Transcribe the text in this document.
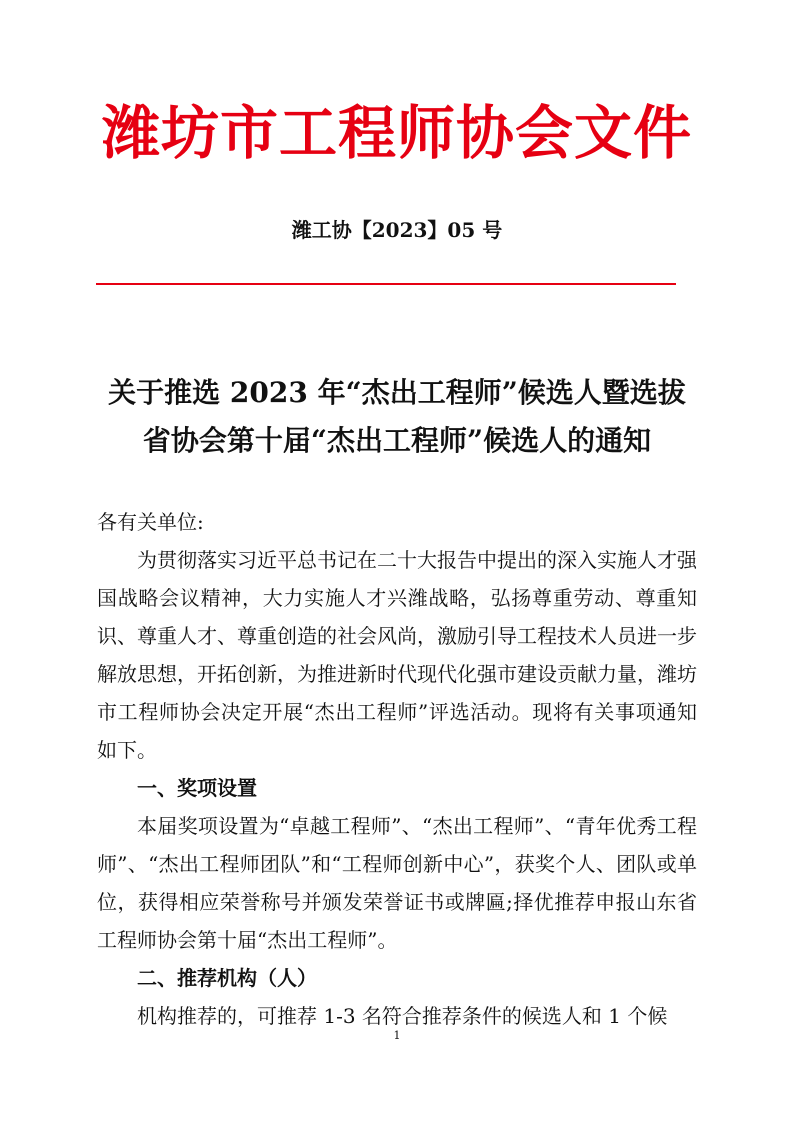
潍坊市工程师协会文件
潍工协【2023】05 号
关于推选 2023 年“杰出工程师”候选人暨选拔
省协会第十届“杰出工程师”候选人的通知

各有关单位:

为贯彻落实习近平总书记在二十大报告中提出的深入实施人才强国战略会议精神，大力实施人才兴潍战略，弘扬尊重劳动、尊重知识、尊重人才、尊重创造的社会风尚，激励引导工程技术人员进一步解放思想，开拓创新，为推进新时代现代化强市建设贡献力量，潍坊市工程师协会决定开展“杰出工程师”评选活动。现将有关事项通知如下。

一、奖项设置

本届奖项设置为“卓越工程师”、“杰出工程师”、“青年优秀工程师”、“杰出工程师团队”和“工程师创新中心”，获奖个人、团队或单位，获得相应荣誉称号并颁发荣誉证书或牌匾;择优推荐申报山东省工程师协会第十届“杰出工程师”。

二、推荐机构（人）

机构推荐的，可推荐 1-3 名符合推荐条件的候选人和 1 个候

1
